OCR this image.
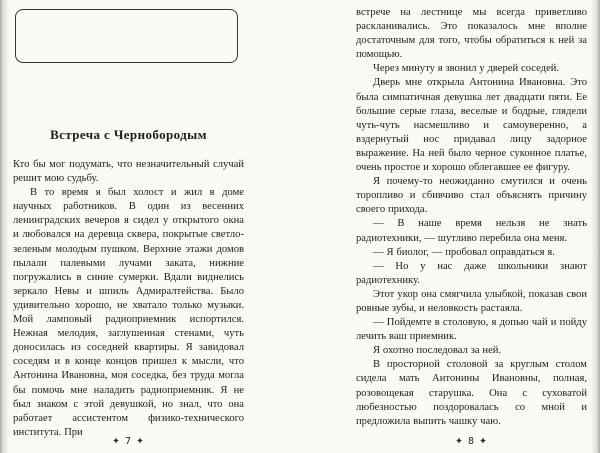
Встреча с Чернобородым

Кто бы мог подумать, что незначительный случай решит мою судьбу.

В то время я был холост и жил в доме научных работников. В один из весенних ленинградских вечеров я сидел у открытого окна и любовался на деревца сквера, покрытые светло-зеленым молодым пушком. Верхние этажи домов пылали палевыми лучами заката, нижние погружались в синие сумерки. Вдали виднелись зеркало Невы и шпиль Адмиралтейства. Было удивительно хорошо, не хватало только музыки. Мой ламповый радиоприемник испортился. Нежная мелодия, заглушенная стенами, чуть доносилась из соседней квартиры. Я завидовал соседям и в конце концов пришел к мысли, что Антонина Ивановна, моя соседка, без труда могла бы помочь мне наладить радиоприемник. Я не был знаком с этой девушкой, но знал, что она работает ассистентом физико-технического института. При

✦ 7 ✦

встрече на лестнице мы всегда приветливо раскланивались. Это показалось мне вполне достаточным для того, чтобы обратиться к ней за помощью.

Через минуту я звонил у дверей соседей.

Дверь мне открыла Антонина Ивановна. Это была симпатичная девушка лет двадцати пяти. Ее большие серые глаза, веселые и бодрые, глядели чуть-чуть насмешливо и самоуверенно, а вздернутый нос придавал лицу задорное выражение. На ней было черное суконное платье, очень простое и хорошо облегавшее ее фигуру.

Я почему-то неожиданно смутился и очень торопливо и сбивчиво стал объяснять причину своего прихода.

— В наше время нельзя не знать радиотехники, — шутливо перебила она меня.

— Я биолог, — пробовал оправдаться я.

— Но у нас даже школьники знают радиотехнику.

Этот укор она смягчила улыбкой, показав свои ровные зубы, и неловкость растаяла.

— Пойдемте в столовую, я допью чай и пойду лечить ваш приемник.

Я охотно последовал за ней.

В просторной столовой за круглым столом сидела мать Антонины Ивановны, полная, розовощекая старушка. Она с суховатой любезностью поздоровалась со мной и предложила выпить чашку чаю.

✦ 8 ✦
